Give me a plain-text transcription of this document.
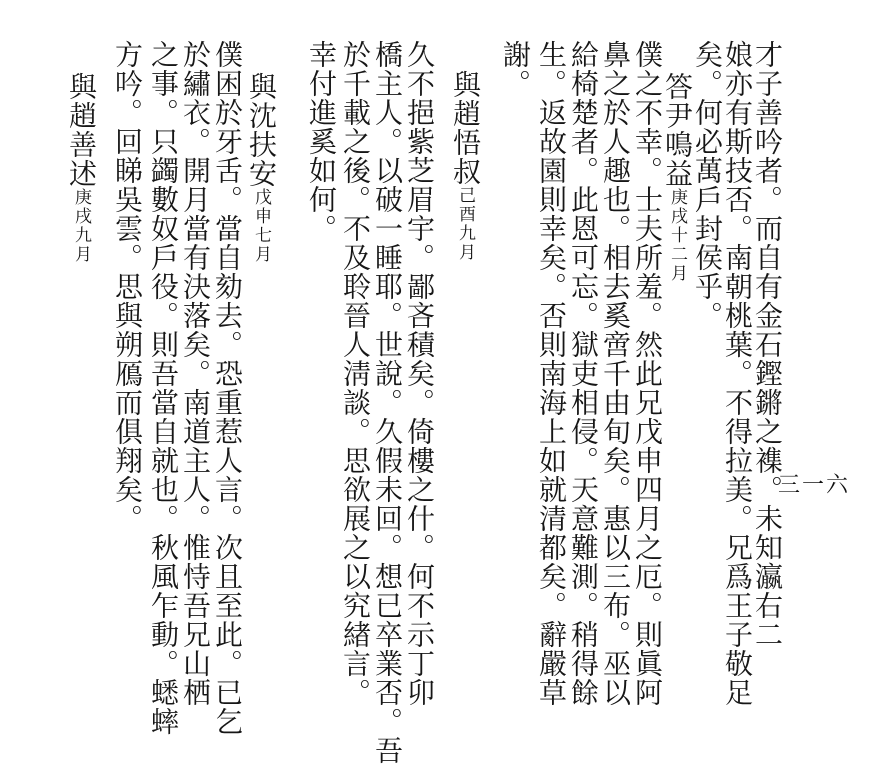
三一六
才子善吟者。而自有金石鏗鏘之襍。未知瀛右二
娘亦有斯技否。南朝桃葉。不得拉美。兄爲王子敬足
矣。何必萬戶封侯乎。
答尹鳴益庚戌十二月
僕之不幸。士夫所羞。然此兄戊申四月之厄。則眞阿
鼻之於人趣也。相去奚啻千由旬矣。惠以三布。巫以
給椅楚者。此恩可忘。獄吏相侵。天意難測。稍得餘
生。返故園則幸矣。否則南海上如就清都矣。辭嚴草
謝。
與趙悟叔己酉九月
久不挹紫芝眉宇。鄙吝積矣。倚樓之什。何不示丁卯
橋主人。以破一睡耶。世說。久假未回。想已卒業否。吾
於千載之後。不及聆晉人淸談。思欲展之以究緖言。
幸付進奚如何。
與沈扶安戊申七月
僕困於牙舌。當自劾去。恐重惹人言。次且至此。已乞
於繡衣。開月當有決落矣。南道主人。惟恃吾兄山栖
之事。只蠲數奴戶役。則吾當自就也。秋風乍動。蟋蟀
方吟。回睇吳雲。思與朔鴈而俱翔矣。
與趙善述庚戌九月
